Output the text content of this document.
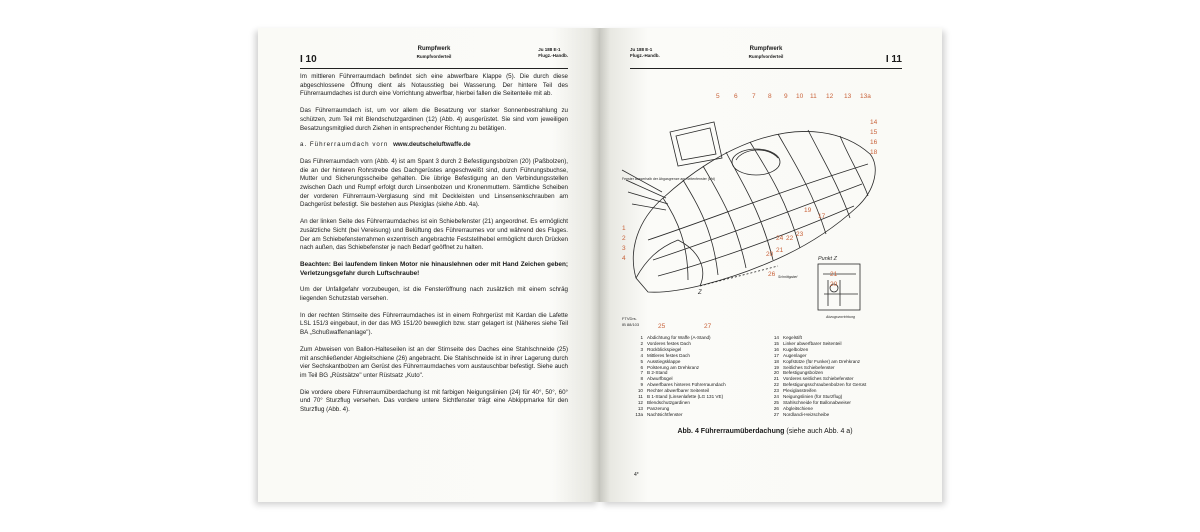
I 10
Rumpfwerk
Rumpfvorderteil
Ju 188 E-1
Flugz.-Handb.

Im mittleren Führerraumdach befindet sich eine abwerfbare Klappe (5). Die durch diese abgeschlossene Öffnung dient als Notausstieg bei Wasserung. Der hintere Teil des Führerraumdaches ist durch eine Vorrichtung abwerfbar, hierbei fallen die Seitenteile mit ab.

Das Führerraumdach ist, um vor allem die Besatzung vor starker Sonnenbestrahlung zu schützen, zum Teil mit Blendschutzgardinen (12) (Abb. 4) ausgerüstet. Sie sind vom jeweiligen Besatzungsmitglied durch Ziehen in entsprechender Richtung zu betätigen.

a. Führerraumdach vorn www.deutscheluftwaffe.de

Das Führerraumdach vorn (Abb. 4) ist am Spant 3 durch 2 Befestigungsbolzen (20) (Paßbolzen), die an der hinteren Rohrstrebe des Dachgerüstes angeschweißt sind, durch Führungsbuchse, Mutter und Sicherungsscheibe gehalten. Die übrige Befestigung an den Verbindungsstellen zwischen Dach und Rumpf erfolgt durch Linsenbolzen und Kronenmuttern. Sämtliche Scheiben der vorderen Führerraum-Verglasung sind mit Deckleisten und Linsensenkschrauben am Dachgerüst befestigt. Sie bestehen aus Plexiglas (siehe Abb. 4a).

An der linken Seite des Führerraumdaches ist ein Schiebefenster (21) angeordnet. Es ermöglicht zusätzliche Sicht (bei Vereisung) und Belüftung des Führerraumes vor und während des Fluges. Der am Schiebefensterrahmen exzentrisch angebrachte Feststellhebel ermöglicht durch Drücken nach außen, das Schiebefenster je nach Bedarf geöffnet zu halten.

Beachten: Bei laufendem linken Motor nie hinauslehnen oder mit Hand Zeichen geben; Verletzungsgefahr durch Luftschraube!

Um der Unfallgefahr vorzubeugen, ist die Fensteröffnung nach zusätzlich mit einem schräg liegenden Schutzstab versehen.

In der rechten Stirnseite des Führerraumdaches ist in einem Rohrgerüst mit Kardan die Lafette LSL 151/3 eingebaut, in der das MG 151/20 beweglich bzw. starr gelagert ist (Näheres siehe Teil BA „Schußwaffenanlage").

Zum Abweisen von Ballon-Halteseilen ist an der Stirnseite des Daches eine Stahlschneide (25) mit anschließender Abgleitschiene (26) angebracht. Die Stahlschneide ist in ihrer Lagerung durch vier Sechskantbolzen am Gerüst des Führerraumdaches vorn austauschbar befestigt. Siehe auch im Teil BG „Rüstsätze" unter Rüstsatz „Kuto".

Die vordere obere Führerraumüberdachung ist mit farbigen Neigungslinien (24) für 40°, 50°, 60° und 70° Sturzflug versehen. Das vordere untere Sichtfenster trägt eine Abkippmarke für den Sturzflug (Abb. 4).

Ju 188 E-1
Flugz.-Handb.
Rumpfwerk
Rumpfvorderteil	I 11
5 6 7 8 9 10 11 12 13 13a
14
15
16
18
17
19
20
21
22
23
24
25
26
27
1
2
3
4
21
20
Fenster ausserhalb der Abgasgrenze am Seitenfenster (Lfd)
Punkt Z
Abzugsvorrichtung
Z
Schnittgabel
FTVDrs.
IB 88/103
1 Abdichtung für Waffe (A-Stand)
2 Vorderes festes Dach
3 Rückblickspiegel
4 Mittleres festes Dach
5 Ausstiegsklappe
6 Polsterung am Drehkranz
7 B 2-Stand
8 Abwurfbügel
9 Abwerfbares hinteres Führerraumdach
10 Rechter abwerfbarer Seitenteil
11 B 1-Stand (Linsenlafette (LG 131 VE)
12 Blendschutzgardinen
13 Panzerung
13a Nachtsichtfenster
14 Kegelstift
15 Linker abwerfbarer Seitenteil
16 Kugelbolzen
17 Augenlager
18 Kopfstütze (für Funker) am Drehkranz
19 Seitliches Schiebefenster
20 Befestigungsbolzen
21 Vorderes seitliches Schiebefenster
22 Befestigungsschraubenbolzen für Gerüst
23 Plexiglasstreifen
24 Neigungslinien (für Sturzflug)
25 Stahlschneide für Ballonabweiser
26 Abgleitschiene
27 Nordlandi-Heizscheibe
Abb. 4 Führerraumüberdachung (siehe auch Abb. 4 a)
4*
